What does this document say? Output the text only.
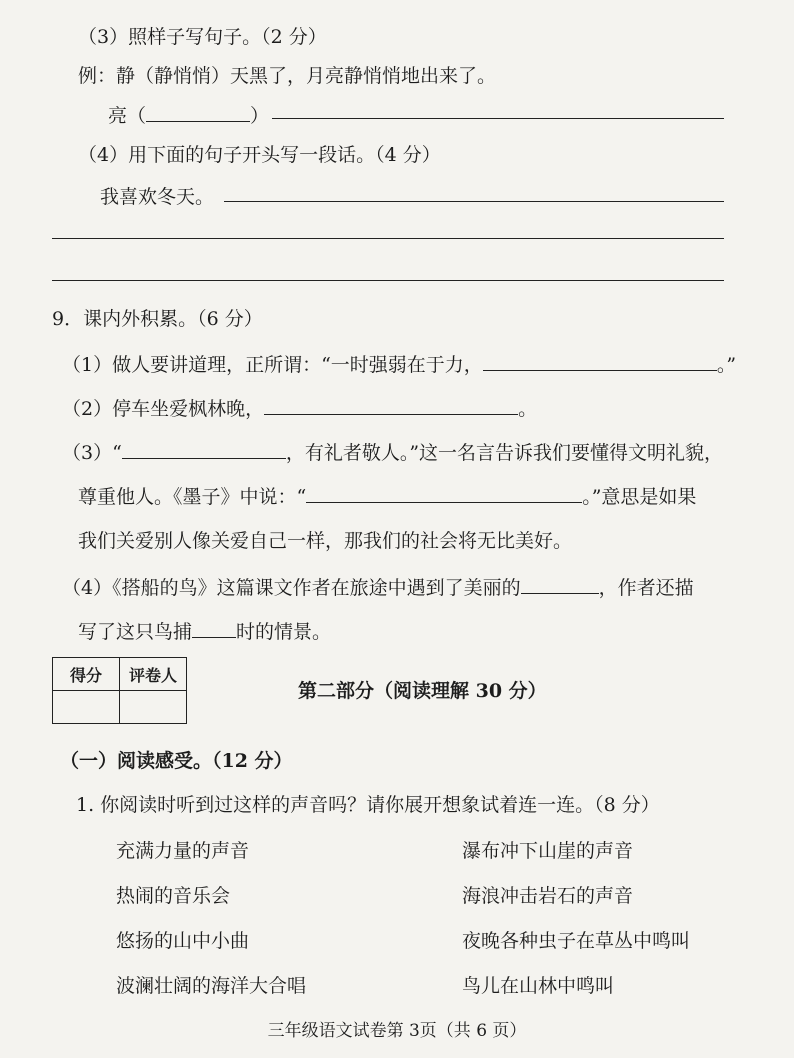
（3）照样子写句子。（2 分）
例：静（静悄悄）天黑了，月亮静悄悄地出来了。
亮（	）
（4）用下面的句子开头写一段话。（4 分）
我喜欢冬天。
9．课内外积累。（6 分）
（1）做人要讲道理，正所谓：“一时强弱在于力，	。”
（2）停车坐爱枫林晚，	。
（3）“	，有礼者敬人。”这一名言告诉我们要懂得文明礼貌，
尊重他人。《墨子》中说：“	。”意思是如果
我们关爱别人像关爱自己一样，那我们的社会将无比美好。
（4）《搭船的鸟》这篇课文作者在旅途中遇到了美丽的	，作者还描
写了这只鸟捕 时的情景。
得分	评卷人

第二部分（阅读理解 30 分）
（一）阅读感受。（12 分）
1. 你阅读时听到过这样的声音吗？请你展开想象试着连一连。（8 分）
充满力量的声音
热闹的音乐会
悠扬的山中小曲
波澜壮阔的海洋大合唱
瀑布冲下山崖的声音
海浪冲击岩石的声音
夜晚各种虫子在草丛中鸣叫
鸟儿在山林中鸣叫
三年级语文试卷第 3页（共 6 页）
